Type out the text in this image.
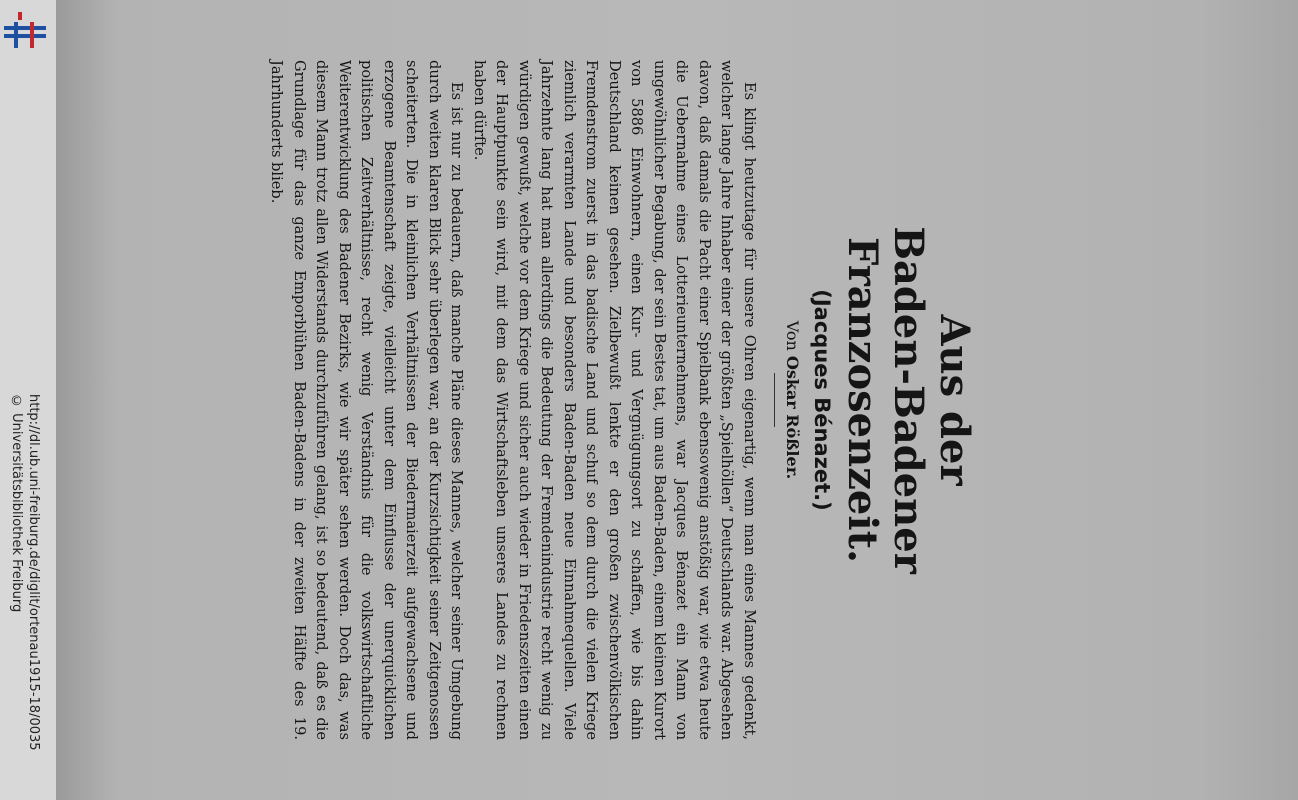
http://dl.ub.uni-freiburg.de/diglit/ortenau1915-18/0035
© Universitätsbibliothek Freiburg	Aus der
Baden-Badener Franzosenzeit.
(Jacques Bénazet.)
Von Oskar Rößler.

Es klingt heutzutage für unsere Ohren eigenartig, wenn man eines Mannes gedenkt, welcher lange Jahre Inhaber einer der größten „Spielhöllen“ Deutschlands war. Abgesehen davon, daß damals die Pacht einer Spielbank ebensowenig anstößig war, wie etwa heute die Uebernahme eines Lotterieunternehmens, war Jacques Bénazet ein Mann von ungewöhnlicher Begabung, der sein Bestes tat, um aus Baden-Baden, einem kleinen Kurort von 5886 Einwohnern, einen Kur- und Vergnügungsort zu schaffen, wie bis dahin Deutschland keinen gesehen. Zielbewußt lenkte er den großen zwischenvölkischen Fremdenstrom zuerst in das badische Land und schuf so dem durch die vielen Kriege ziemlich verarmten Lande und besonders Baden-Baden neue Einnahmequellen. Viele Jahrzehnte lang hat man allerdings die Bedeutung der Fremdenindustrie recht wenig zu würdigen gewußt, welche vor dem Kriege und sicher auch wieder in Friedenszeiten einen der Hauptpunkte sein wird, mit dem das Wirtschaftsleben unseres Landes zu rechnen haben dürfte.

Es ist nur zu bedauern, daß manche Pläne dieses Mannes, welcher seiner Umgebung durch weiten klaren Blick sehr überlegen war, an der Kurzsichtigkeit seiner Zeitgenossen scheiterten. Die in kleinlichen Verhältnissen der Biedermaierzeit aufgewachsene und erzogene Beamtenschaft zeigte, vielleicht unter dem Einflusse der unerquicklichen politischen Zeitverhältnisse, recht wenig Verständnis für die volkswirtschaftliche Weiterentwicklung des Badener Bezirks, wie wir später sehen werden. Doch das, was diesem Mann trotz allen Widerstands durchzuführen gelang, ist so bedeutend, daß es die Grundlage für das ganze Emporblühen Baden-Badens in der zweiten Hälfte des 19. Jahrhunderts blieb.
